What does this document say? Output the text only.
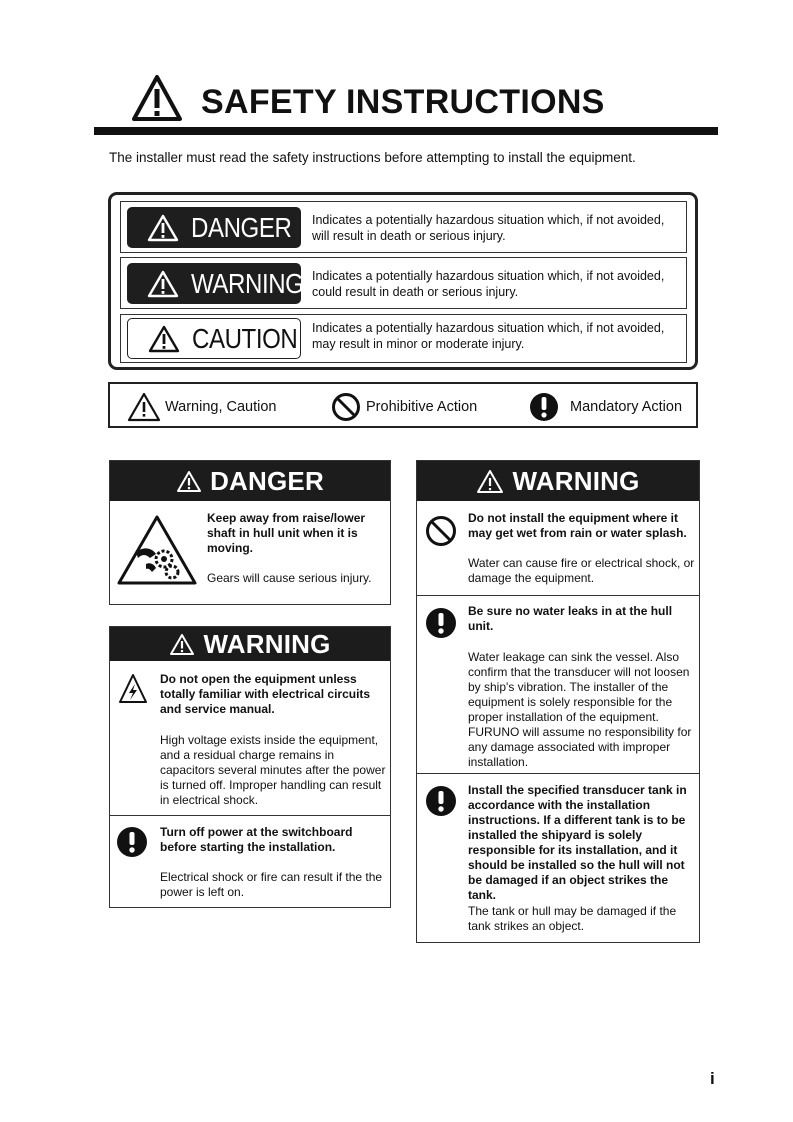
SAFETY INSTRUCTIONS
The installer must read the safety instructions before attempting to install the equipment.
DANGER Indicates a potentially hazardous situation which, if not avoided, will result in death or serious injury.
WARNING Indicates a potentially hazardous situation which, if not avoided, could result in death or serious injury.
CAUTION Indicates a potentially hazardous situation which, if not avoided, may result in minor or moderate injury.
Warning, Caution	Prohibitive Action	Mandatory Action
DANGER
Keep away from raise/lower shaft in hull unit when it is moving.
Gears will cause serious injury.
WARNING
Do not open the equipment unless totally familiar with electrical circuits and service manual.
High voltage exists inside the equipment, and a residual charge remains in capacitors several minutes after the power is turned off. Improper handling can result in electrical shock.
Turn off power at the switchboard before starting the installation.
Electrical shock or fire can result if the the power is left on.
WARNING
Do not install the equipment where it may get wet from rain or water splash.
Water can cause fire or electrical shock, or damage the equipment.
Be sure no water leaks in at the hull unit.
Water leakage can sink the vessel. Also confirm that the transducer will not loosen by ship's vibration. The installer of the equipment is solely responsible for the proper installation of the equipment. FURUNO will assume no responsibility for any damage associated with improper installation.
Install the specified transducer tank in accordance with the installation instructions. If a different tank is to be installed the shipyard is solely responsible for its installation, and it should be installed so the hull will not be damaged if an object strikes the tank.
The tank or hull may be damaged if the tank strikes an object.
i
